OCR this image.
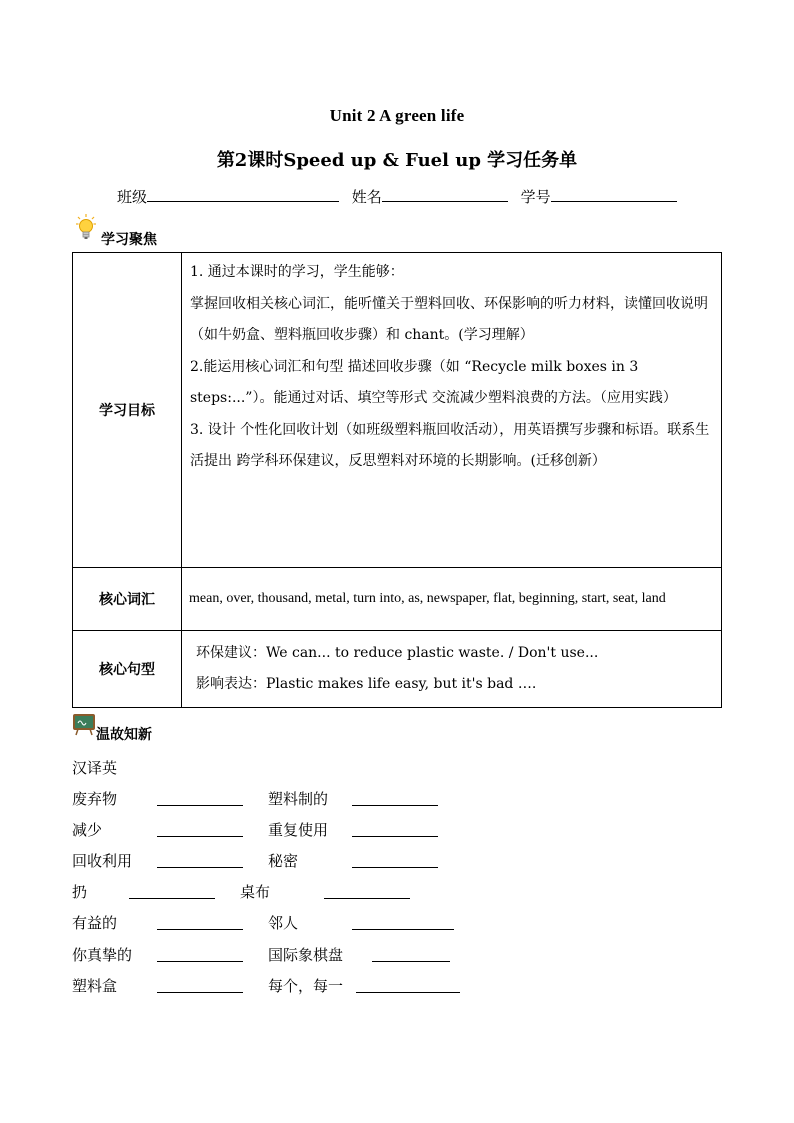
Unit 2 A green life
第2课时Speed up & Fuel up 学习任务单
班级	姓名	学号
学习聚焦
学习目标	1. 通过本课时的学习，学生能够：
掌握回收相关核心词汇，能听懂关于塑料回收、环保影响的听力材料，读懂回收说明（如牛奶盒、塑料瓶回收步骤）和 chant。(学习理解）
2.能运用核心词汇和句型 描述回收步骤（如 “Recycle milk boxes in 3 steps:...”）。能通过对话、填空等形式 交流减少塑料浪费的方法。（应用实践）
3. 设计 个性化回收计划（如班级塑料瓶回收活动），用英语撰写步骤和标语。联系生活提出 跨学科环保建议，反思塑料对环境的长期影响。(迁移创新）

核心词汇	mean, over, thousand, metal, turn into, as, newspaper, flat, beginning, start, seat, land
核心句型	环保建议：We can... to reduce plastic waste. / Don't use...
影响表达：Plastic makes life easy, but it's bad ….
温故知新
汉译英
废弃物	塑料制的
减少	重复使用
回收利用	秘密
扔	桌布
有益的	邻人
你真挚的	国际象棋盘
塑料盒	每个，每一
